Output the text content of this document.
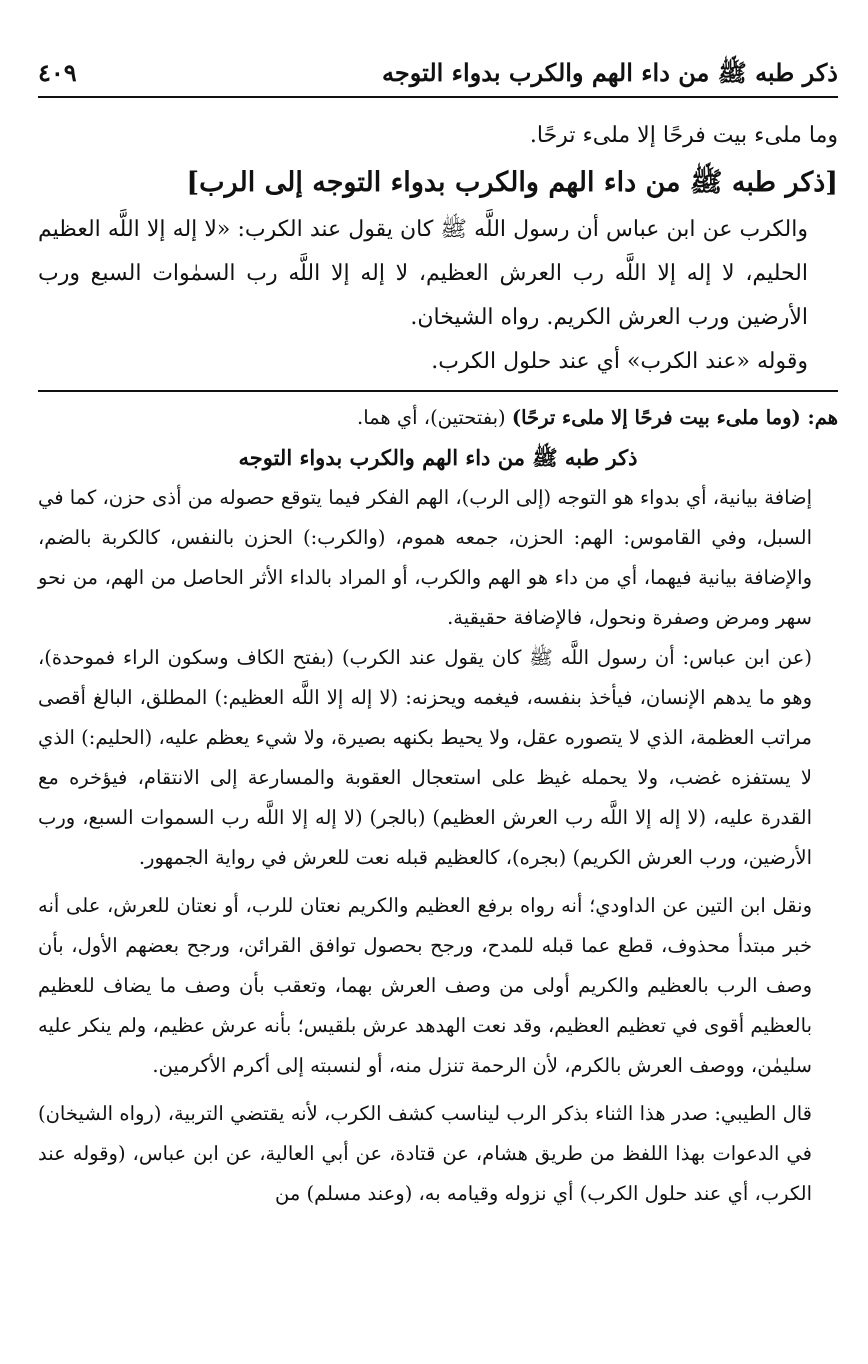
ذكر طبه ﷺ من داء الهم والكرب بدواء التوجه
٤٠٩

وما ملىء بيت فرحًا إلا ملىء ترحًا.

[ذكر طبه ﷺ من داء الهم والكرب بدواء التوجه إلى الرب]

والكرب عن ابن عباس أن رسول اللَّه ﷺ كان يقول عند الكرب: «لا إله إلا اللَّه العظيم الحليم، لا إله إلا اللَّه رب العرش العظيم، لا إله إلا اللَّه رب السمٰوات السبع ورب الأرضين ورب العرش الكريم. رواه الشيخان.

وقوله «عند الكرب» أي عند حلول الكرب.

هم: (وما ملىء بيت فرحًا إلا ملىء ترحًا) (بفتحتين)، أي هما.

ذكر طبه ﷺ من داء الهم والكرب بدواء التوجه

إضافة بيانية، أي بدواء هو التوجه (إلى الرب)، الهم الفكر فيما يتوقع حصوله من أذى حزن، كما في السبل، وفي القاموس: الهم: الحزن، جمعه هموم، (والكرب:) الحزن بالنفس، كالكربة بالضم، والإضافة بيانية فيهما، أي من داء هو الهم والكرب، أو المراد بالداء الأثر الحاصل من الهم، من نحو سهر ومرض وصفرة ونحول، فالإضافة حقيقية.

(عن ابن عباس: أن رسول اللَّه ﷺ كان يقول عند الكرب) (بفتح الكاف وسكون الراء فموحدة)، وهو ما يدهم الإنسان، فيأخذ بنفسه، فيغمه ويحزنه: (لا إله إلا اللَّه العظيم:) المطلق، البالغ أقصى مراتب العظمة، الذي لا يتصوره عقل، ولا يحيط بكنهه بصيرة، ولا شيء يعظم عليه، (الحليم:) الذي لا يستفزه غضب، ولا يحمله غيظ على استعجال العقوبة والمسارعة إلى الانتقام، فيؤخره مع القدرة عليه، (لا إله إلا اللَّه رب العرش العظيم) (بالجر) (لا إله إلا اللَّه رب السموات السبع، ورب الأرضين، ورب العرش الكريم) (بجره)، كالعظيم قبله نعت للعرش في رواية الجمهور.

ونقل ابن التين عن الداودي؛ أنه رواه برفع العظيم والكريم نعتان للرب، أو نعتان للعرش، على أنه خبر مبتدأ محذوف، قطع عما قبله للمدح، ورجح بحصول توافق القرائن، ورجح بعضهم الأول، بأن وصف الرب بالعظيم والكريم أولى من وصف العرش بهما، وتعقب بأن وصف ما يضاف للعظيم بالعظيم أقوى في تعظيم العظيم، وقد نعت الهدهد عرش بلقيس؛ بأنه عرش عظيم، ولم ينكر عليه سليمٰن، ووصف العرش بالكرم، لأن الرحمة تنزل منه، أو لنسبته إلى أكرم الأكرمين.

قال الطيبي: صدر هذا الثناء بذكر الرب ليناسب كشف الكرب، لأنه يقتضي التربية، (رواه الشيخان) في الدعوات بهذا اللفظ من طريق هشام، عن قتادة، عن أبي العالية، عن ابن عباس، (وقوله عند الكرب، أي عند حلول الكرب) أي نزوله وقيامه به، (وعند مسلم) من
